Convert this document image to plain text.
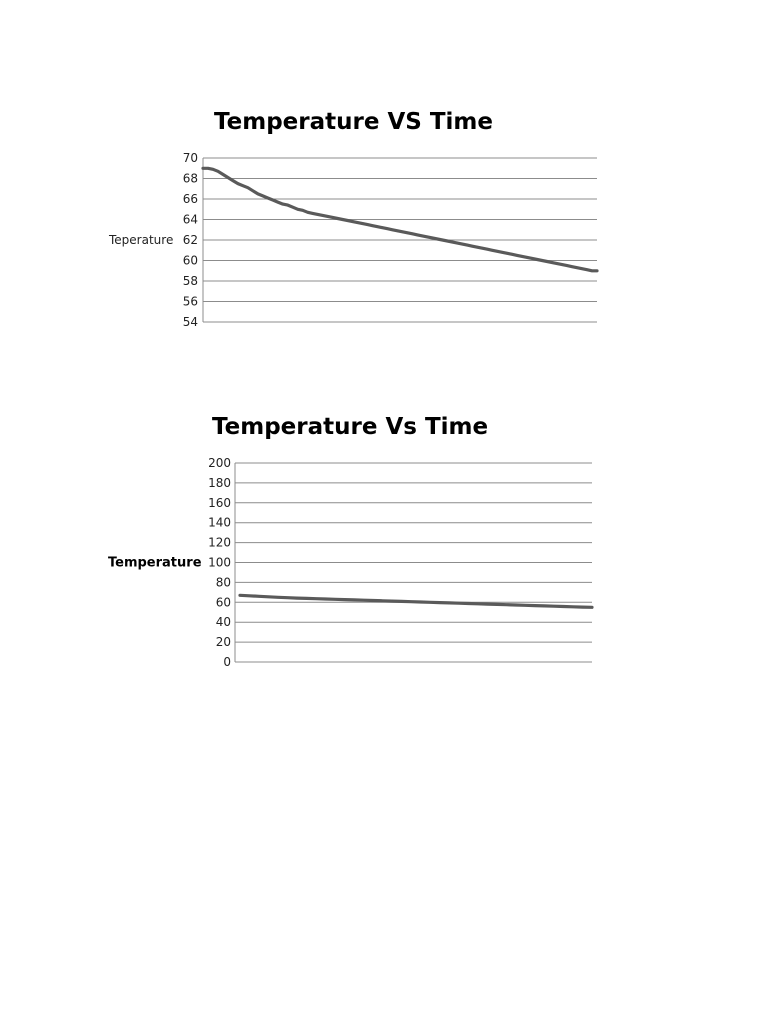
Temperature VS Time
54
56
58
60
62
64
66
68
70
Teperature
Temperature Vs Time
0
20
40
60
80
100
120
140
160
180
200
Temperature
